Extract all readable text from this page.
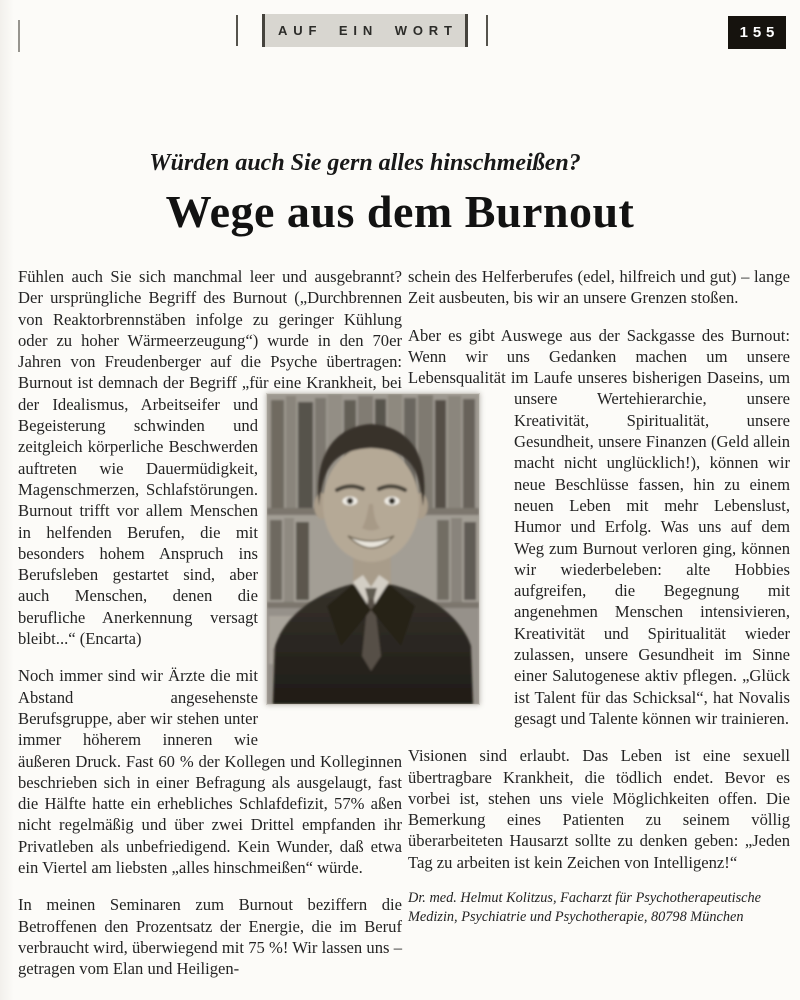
AUF EIN WORT	155
Würden auch Sie gern alles hinschmeißen?
Wege aus dem Burnout

Fühlen auch Sie sich manchmal leer und ausgebrannt? Der ursprüngliche Begriff des Burnout („Durchbrennen von Reaktorbrennstäben infolge zu geringer Kühlung oder zu hoher Wärmeerzeugung“) wurde in den 70er Jahren von Freudenberger auf die Psyche übertragen: Burnout ist demnach der Begriff „für eine Krankheit, bei der Idealismus, Arbeitseifer und Begeisterung schwinden und zeitgleich körperliche Beschwerden auftreten wie Dauermüdigkeit, Magenschmerzen, Schlafstörungen. Burnout trifft vor allem Menschen in helfenden Berufen, die mit besonders hohem Anspruch ins Berufsleben gestartet sind, aber auch Menschen, denen die berufliche Anerkennung versagt bleibt...“ (Encarta)

Noch immer sind wir Ärzte die mit Abstand angesehenste Berufsgruppe, aber wir stehen unter immer höherem inneren wie äußeren Druck. Fast 60 % der Kollegen und Kolleginnen beschrieben sich in einer Befragung als ausgelaugt, fast die Hälfte hatte ein erhebliches Schlafdefizit, 57% aßen nicht regelmäßig und über zwei Drittel empfanden ihr Privatleben als unbefriedigend. Kein Wunder, daß etwa ein Viertel am liebsten „alles hinschmeißen“ würde.

In meinen Seminaren zum Burnout beziffern die Betroffenen den Prozentsatz der Energie, die im Beruf verbraucht wird, überwiegend mit 75 %! Wir lassen uns – getragen vom Elan und Heiligen-

schein des Helferberufes (edel, hilfreich und gut) – lange Zeit ausbeuten, bis wir an unsere Grenzen stoßen.

Aber es gibt Auswege aus der Sackgasse des Burnout: Wenn wir uns Gedanken machen um unsere Lebensqualität im Laufe unseres bisherigen Daseins, um unsere Wertehierarchie, unsere Kreativität, Spiritualität, unsere Gesundheit, unsere Finanzen (Geld allein macht nicht unglücklich!), können wir neue Beschlüsse fassen, hin zu einem neuen Leben mit mehr Lebenslust, Humor und Erfolg. Was uns auf dem Weg zum Burnout verloren ging, können wir wiederbeleben: alte Hobbies aufgreifen, die Begegnung mit angenehmen Menschen intensivieren, Kreativität und Spiritualität wieder zulassen, unsere Gesundheit im Sinne einer Salutogenese aktiv pflegen. „Glück ist Talent für das Schicksal“, hat Novalis gesagt und Talente können wir trainieren.

Visionen sind erlaubt. Das Leben ist eine sexuell übertragbare Krankheit, die tödlich endet. Bevor es vorbei ist, stehen uns viele Möglichkeiten offen. Die Bemerkung eines Patienten zu seinem völlig überarbeiteten Hausarzt sollte zu denken geben: „Jeden Tag zu arbeiten ist kein Zeichen von Intelligenz!“

Dr. med. Helmut Kolitzus, Facharzt für Psychotherapeutische Medizin, Psychiatrie und Psychotherapie, 80798 München
